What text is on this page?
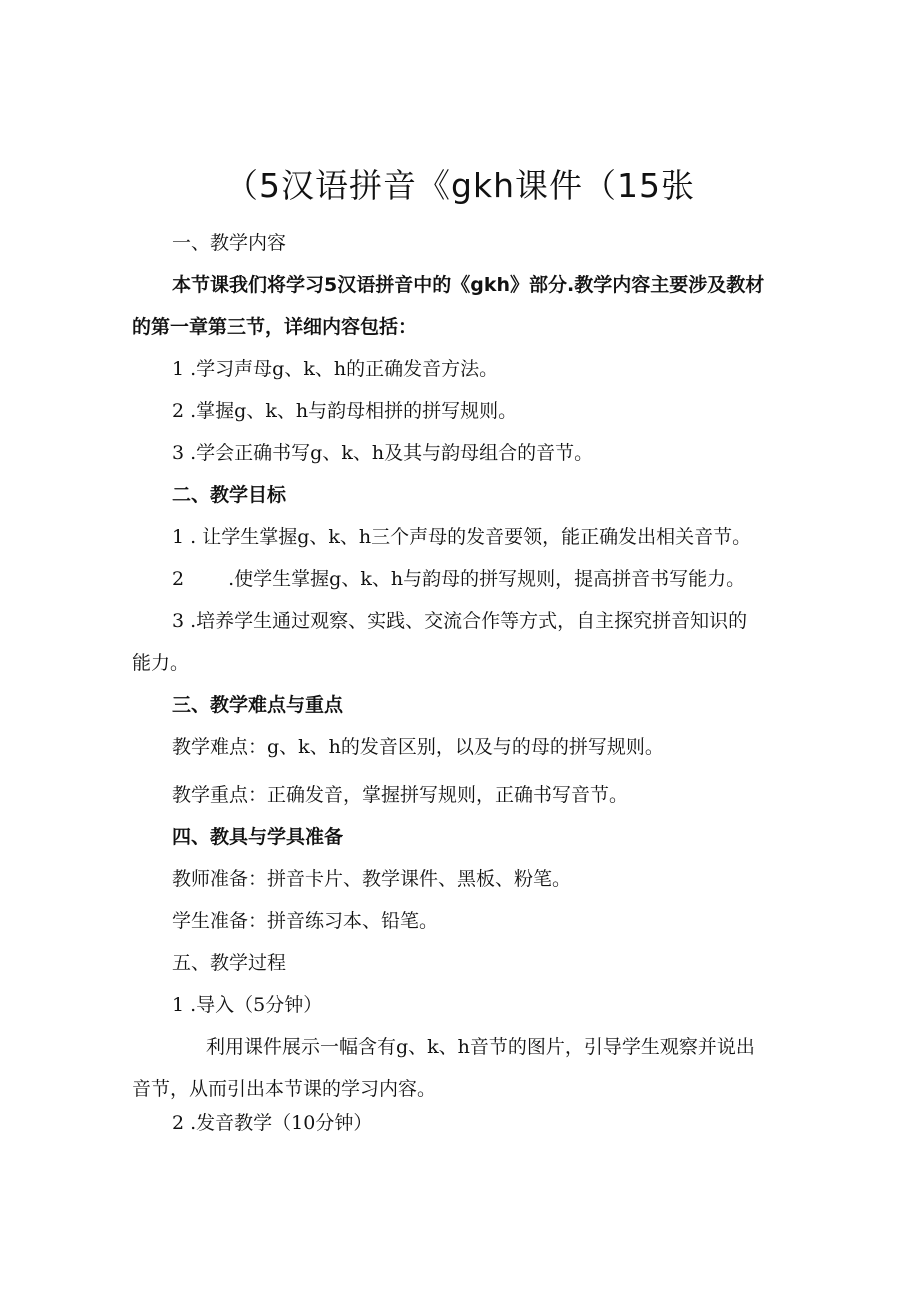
（5汉语拼音《gkh课件（15张
一、教学内容
本节课我们将学习5汉语拼音中的《gkh》部分.教学内容主要涉及教材
的第一章第三节，详细内容包括：
1 .学习声母g、k、h的正确发音方法。
2 .掌握g、k、h与韵母相拼的拼写规则。
3 .学会正确书写g、k、h及其与韵母组合的音节。
二、教学目标
1 . 让学生掌握g、k、h三个声母的发音要领，能正确发出相关音节。
2 　　.使学生掌握g、k、h与韵母的拼写规则，提高拼音书写能力。
3 .培养学生通过观察、实践、交流合作等方式，自主探究拼音知识的
能力。
三、教学难点与重点
教学难点：g、k、h的发音区别，以及与的母的拼写规则。
教学重点：正确发音，掌握拼写规则，正确书写音节。
四、教具与学具准备
教师准备：拼音卡片、教学课件、黑板、粉笔。
学生准备：拼音练习本、铅笔。
五、教学过程
1 .导入（5分钟）
利用课件展示一幅含有g、k、h音节的图片，引导学生观察并说出
音节，从而引出本节课的学习内容。
2 .发音教学（10分钟）
